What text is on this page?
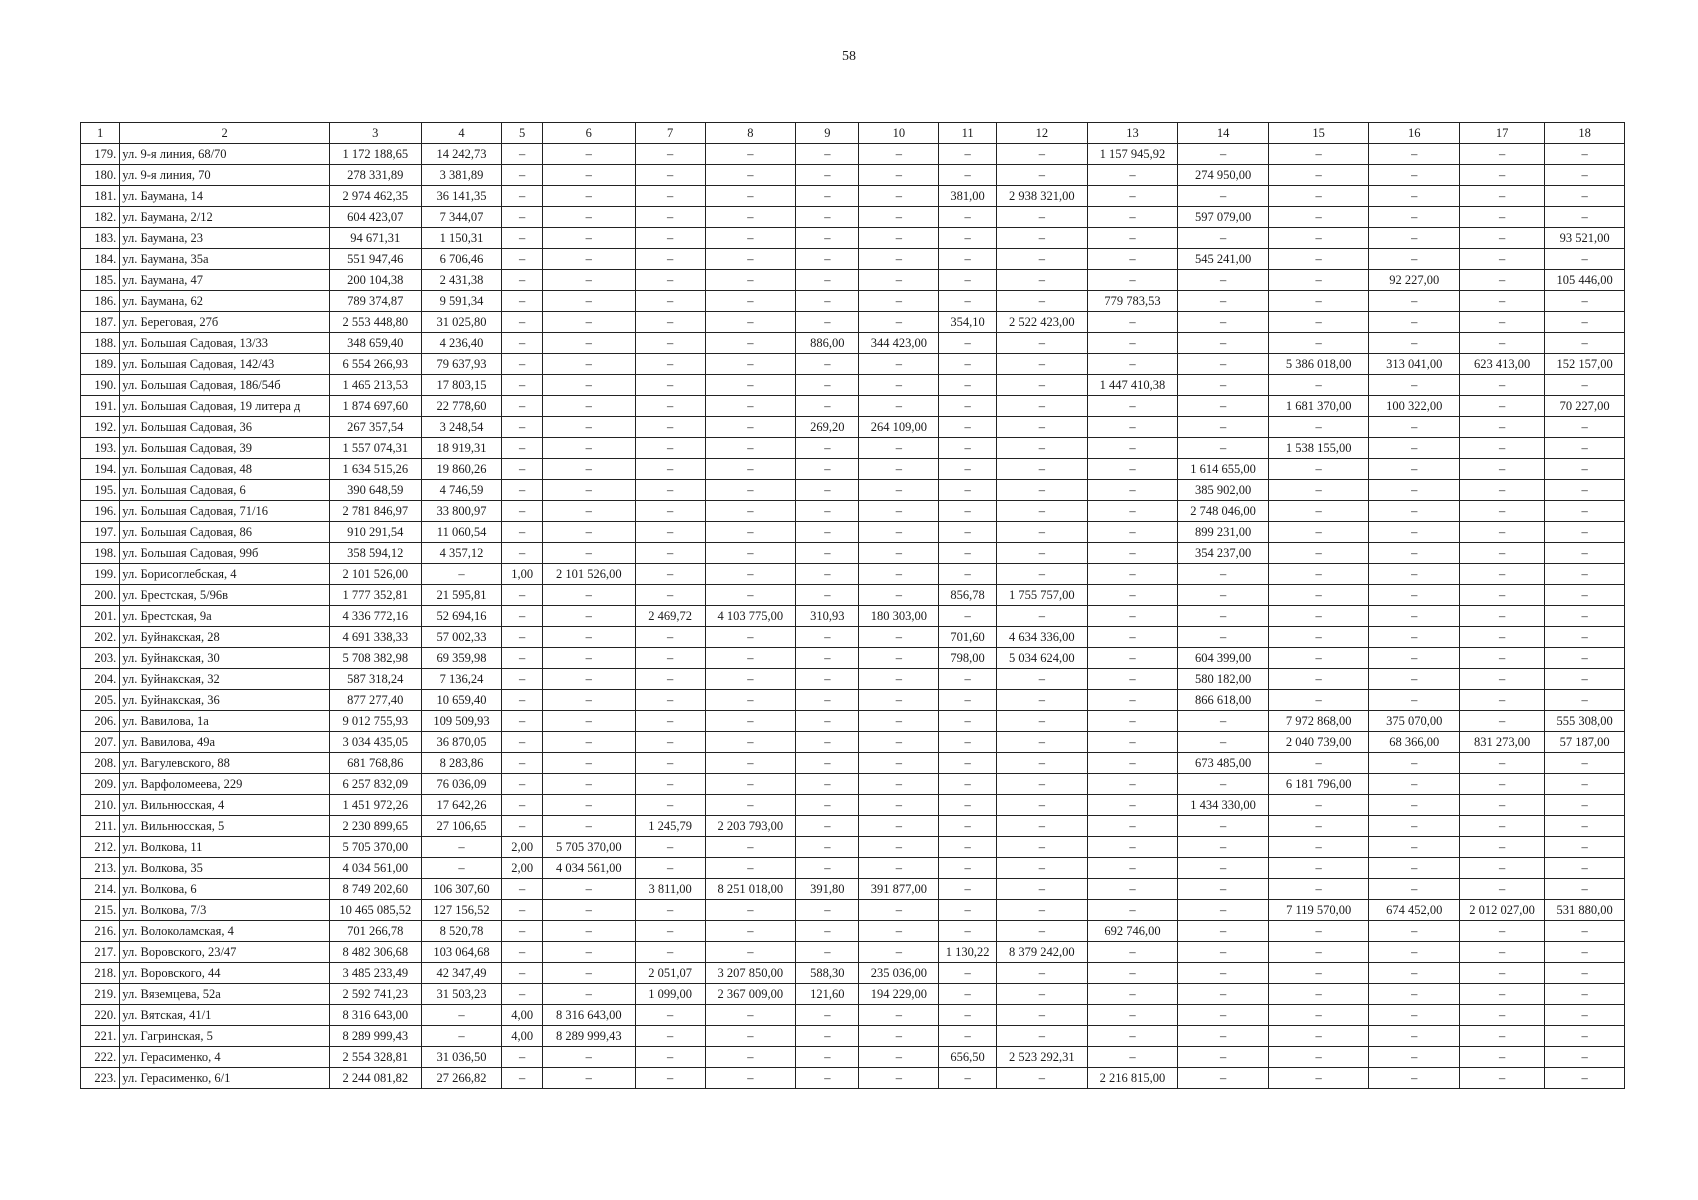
58
1	2	3	4	5	6	7	8	9	10	11	12	13	14	15	16	17	18
179.	ул. 9-я линия, 68/70	1 172 188,65	14 242,73	–	–	–	–	–	–	–	–	1 157 945,92	–	–	–	–	–
180.	ул. 9-я линия, 70	278 331,89	3 381,89	–	–	–	–	–	–	–	–	–	274 950,00	–	–	–	–
181.	ул. Баумана, 14	2 974 462,35	36 141,35	–	–	–	–	–	–	381,00	2 938 321,00	–	–	–	–	–	–
182.	ул. Баумана, 2/12	604 423,07	7 344,07	–	–	–	–	–	–	–	–	–	597 079,00	–	–	–	–
183.	ул. Баумана, 23	94 671,31	1 150,31	–	–	–	–	–	–	–	–	–	–	–	–	–	93 521,00
184.	ул. Баумана, 35а	551 947,46	6 706,46	–	–	–	–	–	–	–	–	–	545 241,00	–	–	–	–
185.	ул. Баумана, 47	200 104,38	2 431,38	–	–	–	–	–	–	–	–	–	–	–	92 227,00	–	105 446,00
186.	ул. Баумана, 62	789 374,87	9 591,34	–	–	–	–	–	–	–	–	779 783,53	–	–	–	–	–
187.	ул. Береговая, 27б	2 553 448,80	31 025,80	–	–	–	–	–	–	354,10	2 522 423,00	–	–	–	–	–	–
188.	ул. Большая Садовая, 13/33	348 659,40	4 236,40	–	–	–	–	886,00	344 423,00	–	–	–	–	–	–	–	–
189.	ул. Большая Садовая, 142/43	6 554 266,93	79 637,93	–	–	–	–	–	–	–	–	–	–	5 386 018,00	313 041,00	623 413,00	152 157,00
190.	ул. Большая Садовая, 186/54б	1 465 213,53	17 803,15	–	–	–	–	–	–	–	–	1 447 410,38	–	–	–	–	–
191.	ул. Большая Садовая, 19 литера д	1 874 697,60	22 778,60	–	–	–	–	–	–	–	–	–	–	1 681 370,00	100 322,00	–	70 227,00
192.	ул. Большая Садовая, 36	267 357,54	3 248,54	–	–	–	–	269,20	264 109,00	–	–	–	–	–	–	–	–
193.	ул. Большая Садовая, 39	1 557 074,31	18 919,31	–	–	–	–	–	–	–	–	–	–	1 538 155,00	–	–	–
194.	ул. Большая Садовая, 48	1 634 515,26	19 860,26	–	–	–	–	–	–	–	–	–	1 614 655,00	–	–	–	–
195.	ул. Большая Садовая, 6	390 648,59	4 746,59	–	–	–	–	–	–	–	–	–	385 902,00	–	–	–	–
196.	ул. Большая Садовая, 71/16	2 781 846,97	33 800,97	–	–	–	–	–	–	–	–	–	2 748 046,00	–	–	–	–
197.	ул. Большая Садовая, 86	910 291,54	11 060,54	–	–	–	–	–	–	–	–	–	899 231,00	–	–	–	–
198.	ул. Большая Садовая, 99б	358 594,12	4 357,12	–	–	–	–	–	–	–	–	–	354 237,00	–	–	–	–
199.	ул. Борисоглебская, 4	2 101 526,00	–	1,00	2 101 526,00	–	–	–	–	–	–	–	–	–	–	–	–
200.	ул. Брестская, 5/96в	1 777 352,81	21 595,81	–	–	–	–	–	–	856,78	1 755 757,00	–	–	–	–	–	–
201.	ул. Брестская, 9а	4 336 772,16	52 694,16	–	–	2 469,72	4 103 775,00	310,93	180 303,00	–	–	–	–	–	–	–	–
202.	ул. Буйнакская, 28	4 691 338,33	57 002,33	–	–	–	–	–	–	701,60	4 634 336,00	–	–	–	–	–	–
203.	ул. Буйнакская, 30	5 708 382,98	69 359,98	–	–	–	–	–	–	798,00	5 034 624,00	–	604 399,00	–	–	–	–
204.	ул. Буйнакская, 32	587 318,24	7 136,24	–	–	–	–	–	–	–	–	–	580 182,00	–	–	–	–
205.	ул. Буйнакская, 36	877 277,40	10 659,40	–	–	–	–	–	–	–	–	–	866 618,00	–	–	–	–
206.	ул. Вавилова, 1а	9 012 755,93	109 509,93	–	–	–	–	–	–	–	–	–	–	7 972 868,00	375 070,00	–	555 308,00
207.	ул. Вавилова, 49а	3 034 435,05	36 870,05	–	–	–	–	–	–	–	–	–	–	2 040 739,00	68 366,00	831 273,00	57 187,00
208.	ул. Вагулевского, 88	681 768,86	8 283,86	–	–	–	–	–	–	–	–	–	673 485,00	–	–	–	–
209.	ул. Варфоломеева, 229	6 257 832,09	76 036,09	–	–	–	–	–	–	–	–	–	–	6 181 796,00	–	–	–
210.	ул. Вильнюсская, 4	1 451 972,26	17 642,26	–	–	–	–	–	–	–	–	–	1 434 330,00	–	–	–	–
211.	ул. Вильнюсская, 5	2 230 899,65	27 106,65	–	–	1 245,79	2 203 793,00	–	–	–	–	–	–	–	–	–	–
212.	ул. Волкова, 11	5 705 370,00	–	2,00	5 705 370,00	–	–	–	–	–	–	–	–	–	–	–	–
213.	ул. Волкова, 35	4 034 561,00	–	2,00	4 034 561,00	–	–	–	–	–	–	–	–	–	–	–	–
214.	ул. Волкова, 6	8 749 202,60	106 307,60	–	–	3 811,00	8 251 018,00	391,80	391 877,00	–	–	–	–	–	–	–	–
215.	ул. Волкова, 7/3	10 465 085,52	127 156,52	–	–	–	–	–	–	–	–	–	–	7 119 570,00	674 452,00	2 012 027,00	531 880,00
216.	ул. Волоколамская, 4	701 266,78	8 520,78	–	–	–	–	–	–	–	–	692 746,00	–	–	–	–	–
217.	ул. Воровского, 23/47	8 482 306,68	103 064,68	–	–	–	–	–	–	1 130,22	8 379 242,00	–	–	–	–	–	–
218.	ул. Воровского, 44	3 485 233,49	42 347,49	–	–	2 051,07	3 207 850,00	588,30	235 036,00	–	–	–	–	–	–	–	–
219.	ул. Вяземцева, 52а	2 592 741,23	31 503,23	–	–	1 099,00	2 367 009,00	121,60	194 229,00	–	–	–	–	–	–	–	–
220.	ул. Вятская, 41/1	8 316 643,00	–	4,00	8 316 643,00	–	–	–	–	–	–	–	–	–	–	–	–
221.	ул. Гагринская, 5	8 289 999,43	–	4,00	8 289 999,43	–	–	–	–	–	–	–	–	–	–	–	–
222.	ул. Герасименко, 4	2 554 328,81	31 036,50	–	–	–	–	–	–	656,50	2 523 292,31	–	–	–	–	–	–
223.	ул. Герасименко, 6/1	2 244 081,82	27 266,82	–	–	–	–	–	–	–	–	2 216 815,00	–	–	–	–	–
